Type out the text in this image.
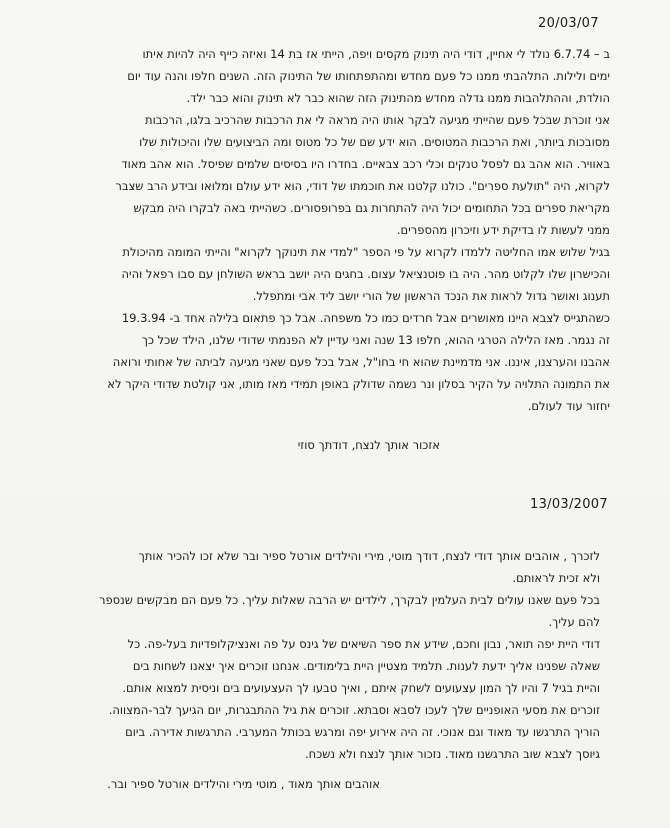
20/03/07

ב – 6.7.74 נולד לי אחיין, דודי היה תינוק מקסים ויפה, הייתי אז בת 14 ואיזה כייף היה להיות איתו

ימים ולילות. התלהבתי ממנו כל פעם מחדש ומהתפתחותו של התינוק הזה. השנים חלפו והנה עוד יום

הולדת, וההתלהבות ממנו גדלה מחדש מהתינוק הזה שהוא כבר לא תינוק והוא כבר ילד.

אני זוכרת שבכל פעם שהייתי מגיעה לבקר אותו היה מראה לי את הרכבות שהרכיב בלגו, הרכבות

מסובכות ביותר, ואת הרכבות המטוסים. הוא ידע שם של כל מטוס ומה הביצועים שלו והיכולות שלו

באוויר. הוא אהב גם לפסל טנקים וכלי רכב צבאיים. בחדרו היו בסיסים שלמים שפיסל. הוא אהב מאוד

לקרוא, היה "תולעת ספרים". כולנו קלטנו את חוכמתו של דודי, הוא ידע עולם ומלואו ובידע הרב שצבר

מקריאת ספרים בכל התחומים יכול היה להתחרות גם בפרופסורים. כשהייתי באה לבקרו היה מבקש

ממני לעשות לו בדיקת ידע וזיכרון מהספרים.

בגיל שלוש אמו החליטה ללמדו לקרוא על פי הספר "למדי את תינוקך לקרוא" והייתי המומה מהיכולת

והכישרון שלו לקלוט מהר. היה בו פוטנציאל עצום. בחגים היה יושב בראש השולחן עם סבו רפאל והיה

תענוג ואושר גדול לראות את הנכד הראשון של הורי יושב ליד אבי ומתפלל.

כשהתגייס לצבא היינו מאושרים אבל חרדים כמו כל משפחה. אבל כך פתאום בלילה אחד ב- 19.3.94

זה נגמר. מאז הלילה הטרגי ההוא, חלפו 13 שנה ואני עדיין לא הפנמתי שדודי שלנו, הילד שכל כך

אהבנו והערצנו, איננו. אני מדמיינת שהוא חי בחו"ל, אבל בכל פעם שאני מגיעה לביתה של אחותי ורואה

את התמונה התלויה על הקיר בסלון ונר נשמה שדולק באופן תמידי מאז מותו, אני קולטת שדודי היקר לא

יחזור עוד לעולם.

אזכור אותך לנצח, דודתך סוזי
13/03/2007

לזכרך , אוהבים אותך דודי לנצח, דודך מוטי, מירי והילדים אורטל ספיר ובר שלא זכו להכיר אותך

ולא זכית לראותם.

בכל פעם שאנו עולים לבית העלמין לבקרך, לילדים יש הרבה שאלות עליך. כל פעם הם מבקשים שנספר

להם עליך.

דודי היית יפה תואר, נבון וחכם, שידע את ספר השיאים של גינס על פה ואנציקלופדיות בעל-פה. כל

שאלה שפנינו אליך ידעת לענות. תלמיד מצטיין היית בלימודים. אנחנו זוכרים איך יצאנו לשחות בים

והיית בגיל 7 והיו לך המון עצעועים לשחק איתם , ואיך טבעו לך העצעועים בים וניסית למצוא אותם.

זוכרים את מסעי האופניים שלך לעכו לסבא וסבתא. זוכרים את גיל ההתבגרות, יום הגיעך לבר-המצווה.

הוריך התרגשו עד מאוד וגם אנוכי. זה היה אירוע יפה ומרגש בכותל המערבי. התרגשות אדירה. ביום

גיוסך לצבא שוב התרגשנו מאוד. נזכור אותך לנצח ולא נשכח.

אוהבים אותך מאוד , מוטי מירי והילדים אורטל ספיר ובר.
